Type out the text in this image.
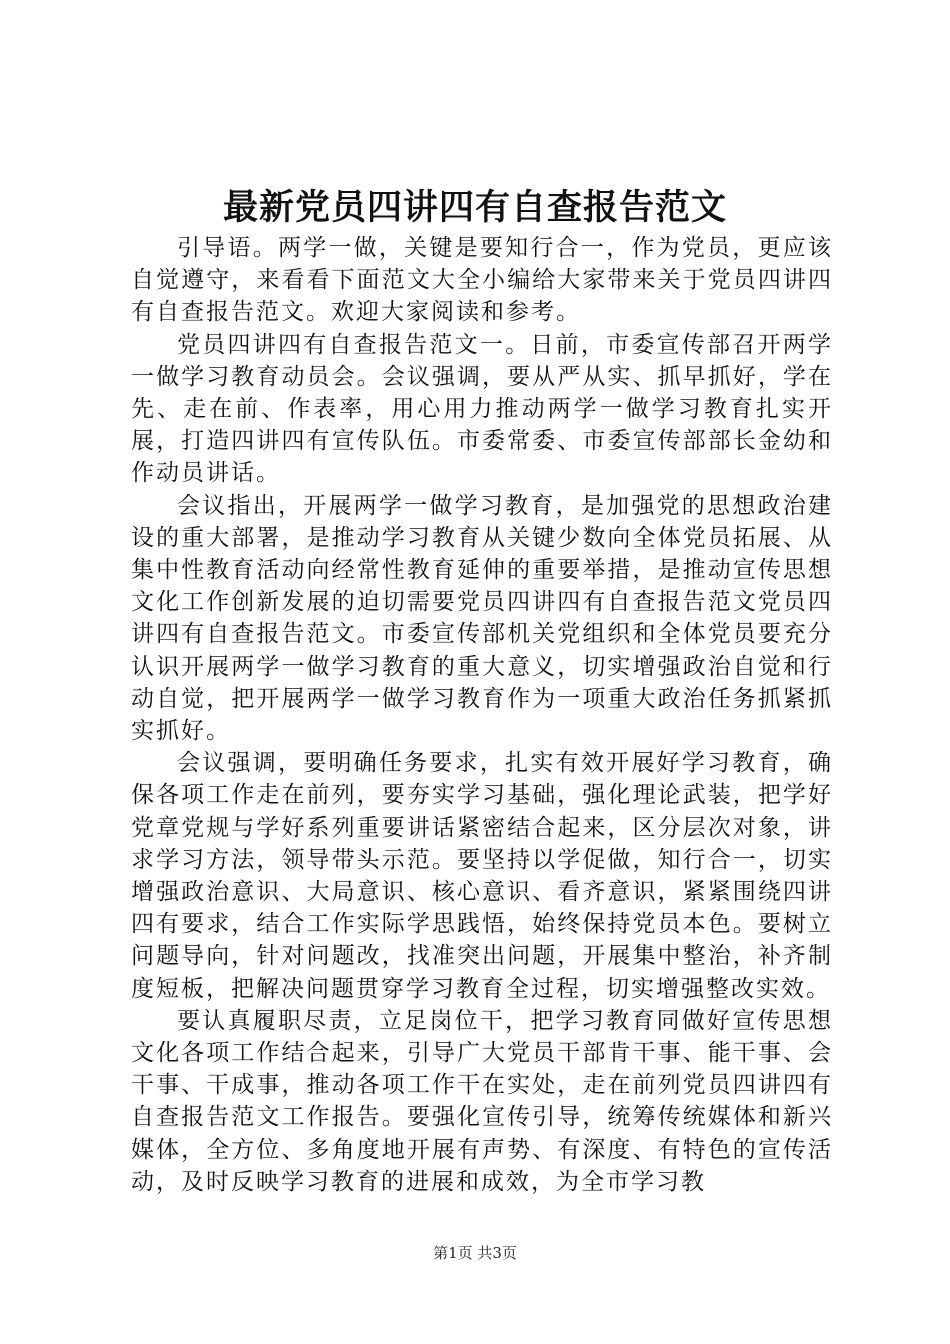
最新党员四讲四有自查报告范文

引导语。两学一做，关键是要知行合一，作为党员，更应该自觉遵守，来看看下面范文大全小编给大家带来关于党员四讲四有自查报告范文。欢迎大家阅读和参考。

党员四讲四有自查报告范文一。日前，市委宣传部召开两学一做学习教育动员会。会议强调，要从严从实、抓早抓好，学在先、走在前、作表率，用心用力推动两学一做学习教育扎实开展，打造四讲四有宣传队伍。市委常委、市委宣传部部长金幼和作动员讲话。

会议指出，开展两学一做学习教育，是加强党的思想政治建设的重大部署，是推动学习教育从关键少数向全体党员拓展、从集中性教育活动向经常性教育延伸的重要举措，是推动宣传思想文化工作创新发展的迫切需要党员四讲四有自查报告范文党员四讲四有自查报告范文。市委宣传部机关党组织和全体党员要充分认识开展两学一做学习教育的重大意义，切实增强政治自觉和行动自觉，把开展两学一做学习教育作为一项重大政治任务抓紧抓实抓好。

会议强调，要明确任务要求，扎实有效开展好学习教育，确保各项工作走在前列，要夯实学习基础，强化理论武装，把学好党章党规与学好系列重要讲话紧密结合起来，区分层次对象，讲求学习方法，领导带头示范。要坚持以学促做，知行合一，切实增强政治意识、大局意识、核心意识、看齐意识，紧紧围绕四讲四有要求，结合工作实际学思践悟，始终保持党员本色。要树立问题导向，针对问题改，找准突出问题，开展集中整治，补齐制度短板，把解决问题贯穿学习教育全过程，切实增强整改实效。

要认真履职尽责，立足岗位干，把学习教育同做好宣传思想文化各项工作结合起来，引导广大党员干部肯干事、能干事、会干事、干成事，推动各项工作干在实处，走在前列党员四讲四有自查报告范文工作报告。要强化宣传引导，统筹传统媒体和新兴媒体，全方位、多角度地开展有声势、有深度、有特色的宣传活动，及时反映学习教育的进展和成效，为全市学习教

第1页 共3页
